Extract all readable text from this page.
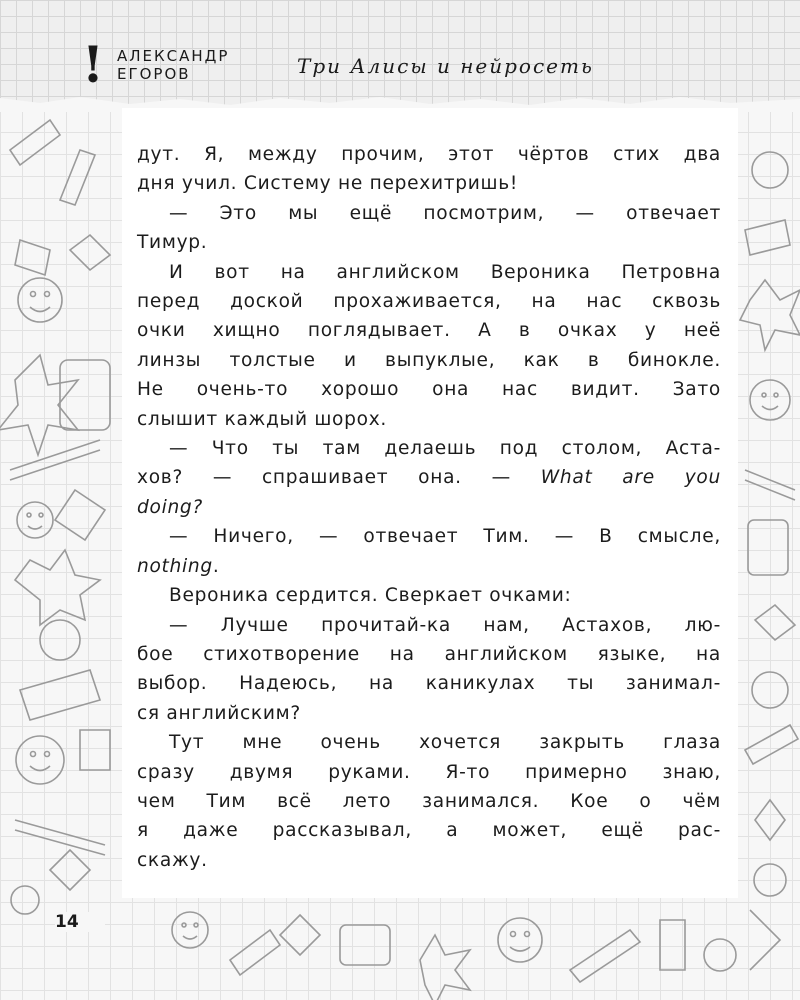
! АЛЕКСАНДР
ЕГОРОВ	Три Алисы и нейросеть
дут. Я, между прочим, этот чёртов стих два
дня учил. Систему не перехитришь!
— Это мы ещё посмотрим, — отвечает
Тимур.
И вот на английском Вероника Петровна
перед доской прохаживается, на нас сквозь
очки хищно поглядывает. А в очках у неё
линзы толстые и выпуклые, как в бинокле.
Не очень-то хорошо она нас видит. Зато
слышит каждый шорох.
— Что ты там делаешь под столом, Аста-
хов? — спрашивает она. — What are you
doing?
— Ничего, — отвечает Тим. — В смысле,
nothing.
Вероника сердится. Сверкает очками:
— Лучше прочитай-ка нам, Астахов, лю-
бое стихотворение на английском языке, на
выбор. Надеюсь, на каникулах ты занимал-
ся английским?
Тут мне очень хочется закрыть глаза
сразу двумя руками. Я-то примерно знаю,
чем Тим всё лето занимался. Кое о чём
я даже рассказывал, а может, ещё рас-
скажу.
14
